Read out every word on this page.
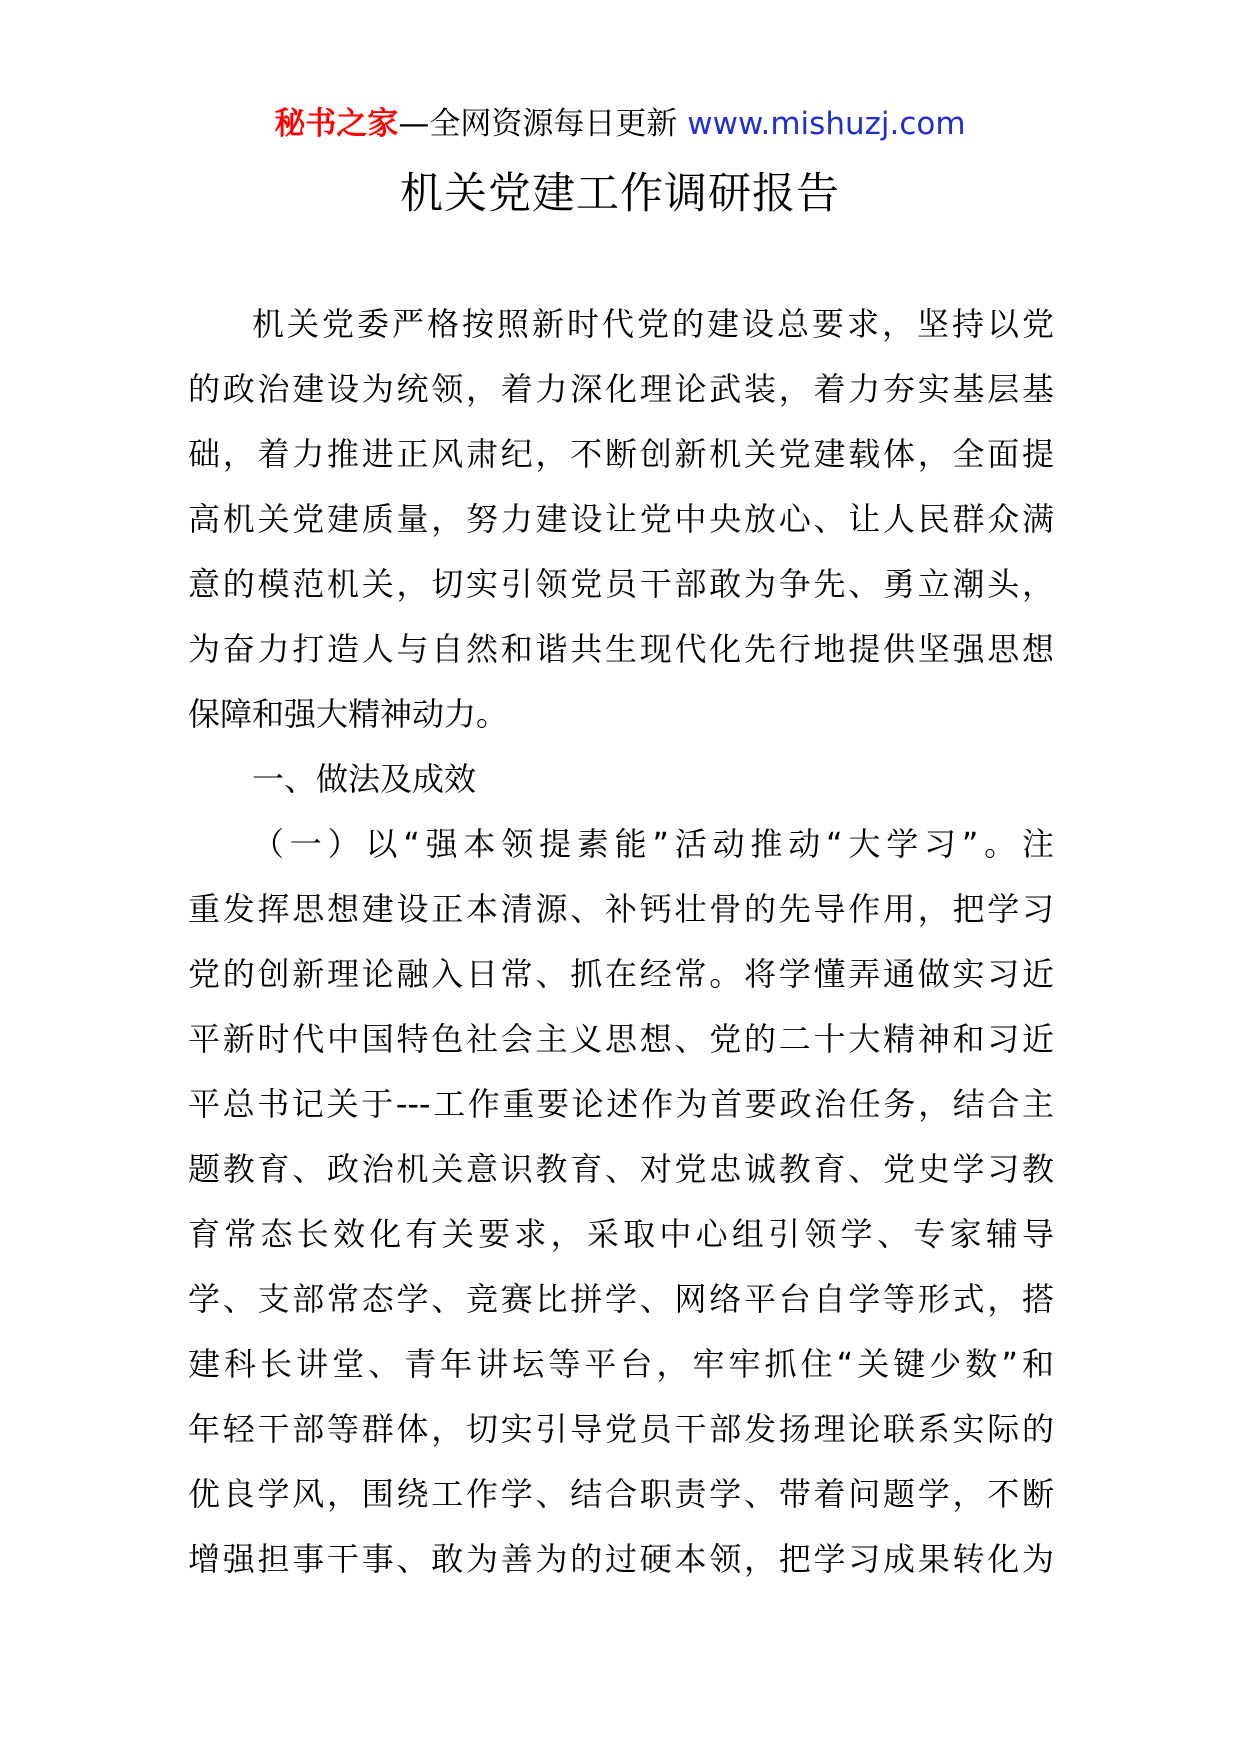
秘书之家—全网资源每日更新 www.mishuzj.com
机关党建工作调研报告
机关党委严格按照新时代党的建设总要求，坚持以党
的政治建设为统领，着力深化理论武装，着力夯实基层基
础，着力推进正风肃纪，不断创新机关党建载体，全面提
高机关党建质量，努力建设让党中央放心、让人民群众满
意的模范机关，切实引领党员干部敢为争先、勇立潮头，
为奋力打造人与自然和谐共生现代化先行地提供坚强思想
保障和强大精神动力。
一、做法及成效
（一）以“强本领提素能”活动推动“大学习”。注
重发挥思想建设正本清源、补钙壮骨的先导作用，把学习
党的创新理论融入日常、抓在经常。将学懂弄通做实习近
平新时代中国特色社会主义思想、党的二十大精神和习近
平总书记关于---工作重要论述作为首要政治任务，结合主
题教育、政治机关意识教育、对党忠诚教育、党史学习教
育常态长效化有关要求，采取中心组引领学、专家辅导
学、支部常态学、竞赛比拼学、网络平台自学等形式，搭
建科长讲堂、青年讲坛等平台，牢牢抓住“关键少数”和
年轻干部等群体，切实引导党员干部发扬理论联系实际的
优良学风，围绕工作学、结合职责学、带着问题学，不断
增强担事干事、敢为善为的过硬本领，把学习成果转化为
